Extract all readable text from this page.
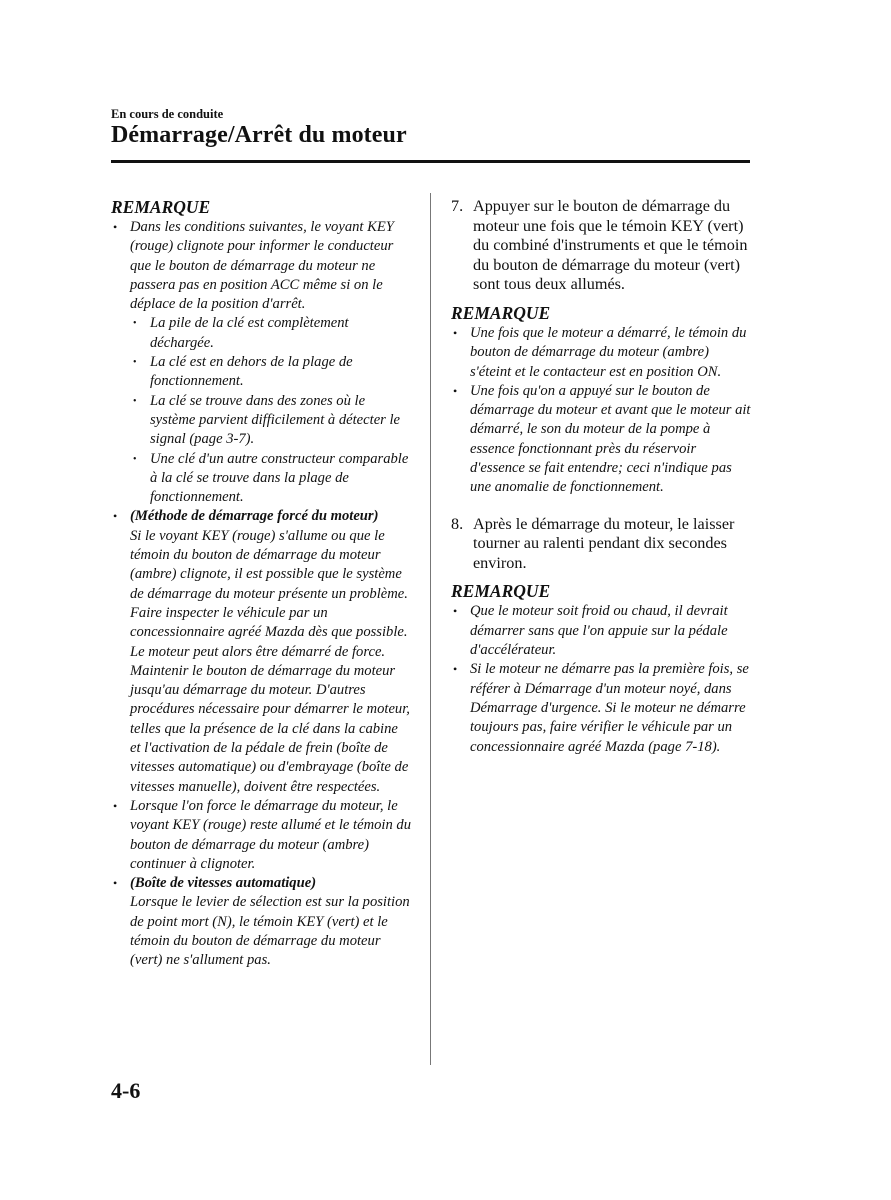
En cours de conduite
Démarrage/Arrêt du moteur
REMARQUE
• Dans les conditions suivantes, le voyant KEY (rouge) clignote pour informer le conducteur que le bouton de démarrage du moteur ne passera pas en position ACC même si on le déplace de la position d'arrêt.
• La pile de la clé est complètement déchargée.
• La clé est en dehors de la plage de fonctionnement.
• La clé se trouve dans des zones où le système parvient difficilement à détecter le signal (page 3-7).
• Une clé d'un autre constructeur comparable à la clé se trouve dans la plage de fonctionnement.
• (Méthode de démarrage forcé du moteur)
Si le voyant KEY (rouge) s'allume ou que le témoin du bouton de démarrage du moteur (ambre) clignote, il est possible que le système de démarrage du moteur présente un problème. Faire inspecter le véhicule par un concessionnaire agréé Mazda dès que possible. Le moteur peut alors être démarré de force. Maintenir le bouton de démarrage du moteur jusqu'au démarrage du moteur. D'autres procédures nécessaire pour démarrer le moteur, telles que la présence de la clé dans la cabine et l'activation de la pédale de frein (boîte de vitesses automatique) ou d'embrayage (boîte de vitesses manuelle), doivent être respectées.
• Lorsque l'on force le démarrage du moteur, le voyant KEY (rouge) reste allumé et le témoin du bouton de démarrage du moteur (ambre) continuer à clignoter.
• (Boîte de vitesses automatique)
Lorsque le levier de sélection est sur la position de point mort (N), le témoin KEY (vert) et le témoin du bouton de démarrage du moteur (vert) ne s'allument pas.
7. Appuyer sur le bouton de démarrage du moteur une fois que le témoin KEY (vert) du combiné d'instruments et que le témoin du bouton de démarrage du moteur (vert) sont tous deux allumés.
REMARQUE
• Une fois que le moteur a démarré, le témoin du bouton de démarrage du moteur (ambre) s'éteint et le contacteur est en position ON.
• Une fois qu'on a appuyé sur le bouton de démarrage du moteur et avant que le moteur ait démarré, le son du moteur de la pompe à essence fonctionnant près du réservoir d'essence se fait entendre; ceci n'indique pas une anomalie de fonctionnement.
8. Après le démarrage du moteur, le laisser tourner au ralenti pendant dix secondes environ.
REMARQUE
• Que le moteur soit froid ou chaud, il devrait démarrer sans que l'on appuie sur la pédale d'accélérateur.
• Si le moteur ne démarre pas la première fois, se référer à Démarrage d'un moteur noyé, dans Démarrage d'urgence. Si le moteur ne démarre toujours pas, faire vérifier le véhicule par un concessionnaire agréé Mazda (page 7-18).
4-6
